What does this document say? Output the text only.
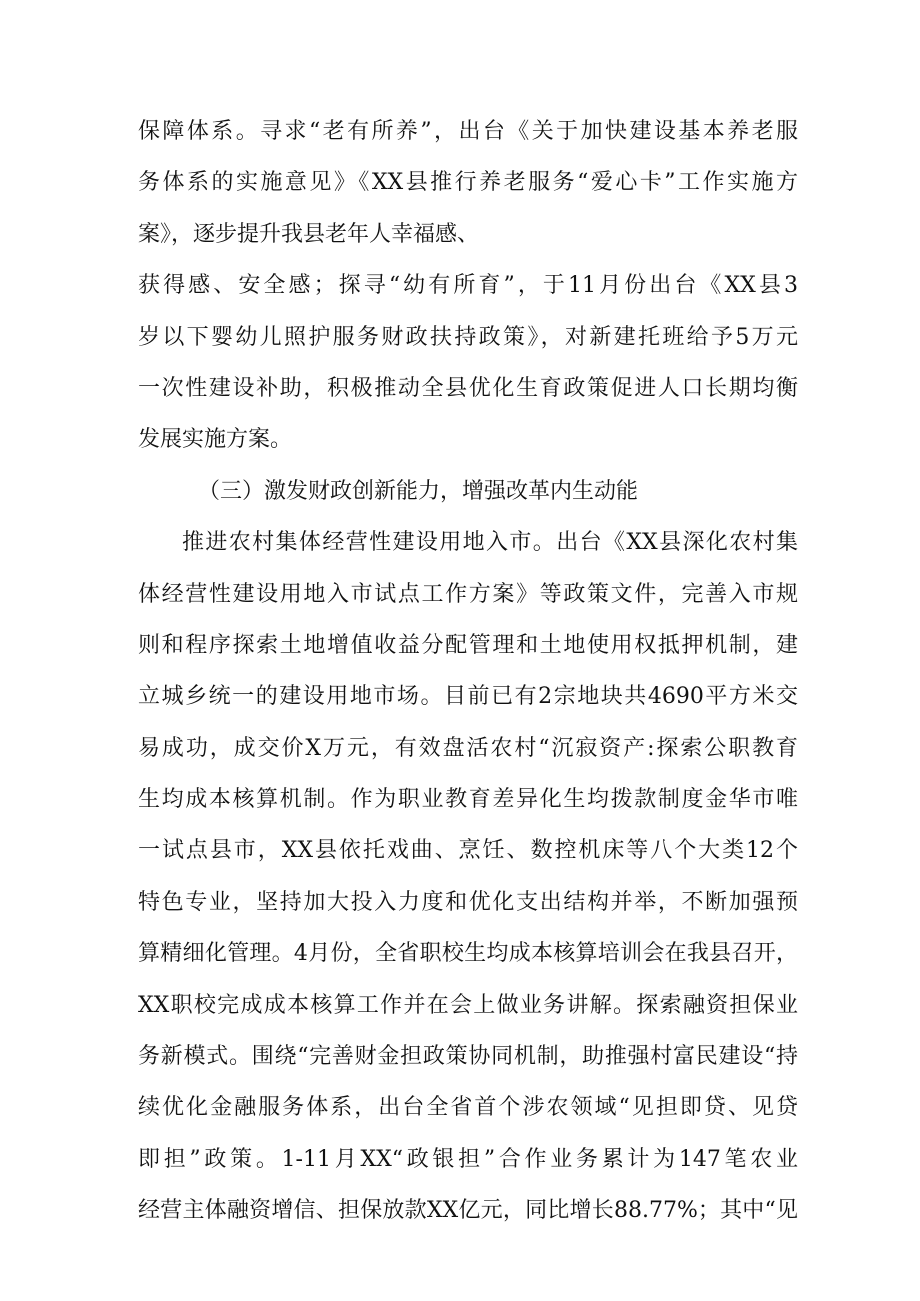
保障体系。寻求“老有所养”，出台《关于加快建设基本养老服
务体系的实施意见》《XX县推行养老服务“爱心卡”工作实施方
案》，逐步提升我县老年人幸福感、
获得感、安全感；探寻“幼有所育”，于11月份出台《XX县3
岁以下婴幼儿照护服务财政扶持政策》，对新建托班给予5万元
一次性建设补助，积极推动全县优化生育政策促进人口长期均衡
发展实施方案。
（三）激发财政创新能力，增强改革内生动能
推进农村集体经营性建设用地入市。出台《XX县深化农村集
体经营性建设用地入市试点工作方案》等政策文件，完善入市规
则和程序探索土地增值收益分配管理和土地使用权抵押机制，建
立城乡统一的建设用地市场。目前已有2宗地块共4690平方米交
易成功，成交价X万元，有效盘活农村“沉寂资产:探索公职教育
生均成本核算机制。作为职业教育差异化生均拨款制度金华市唯
一试点县市，XX县依托戏曲、烹饪、数控机床等八个大类12个
特色专业，坚持加大投入力度和优化支出结构并举，不断加强预
算精细化管理。4月份，全省职校生均成本核算培训会在我县召开，
XX职校完成成本核算工作并在会上做业务讲解。探索融资担保业
务新模式。围绕“完善财金担政策协同机制，助推强村富民建设“持
续优化金融服务体系，出台全省首个涉农领域“见担即贷、见贷
即担”政策。1-11月XX“政银担”合作业务累计为147笔农业
经营主体融资增信、担保放款XX亿元，同比增长88.77%；其中“见
